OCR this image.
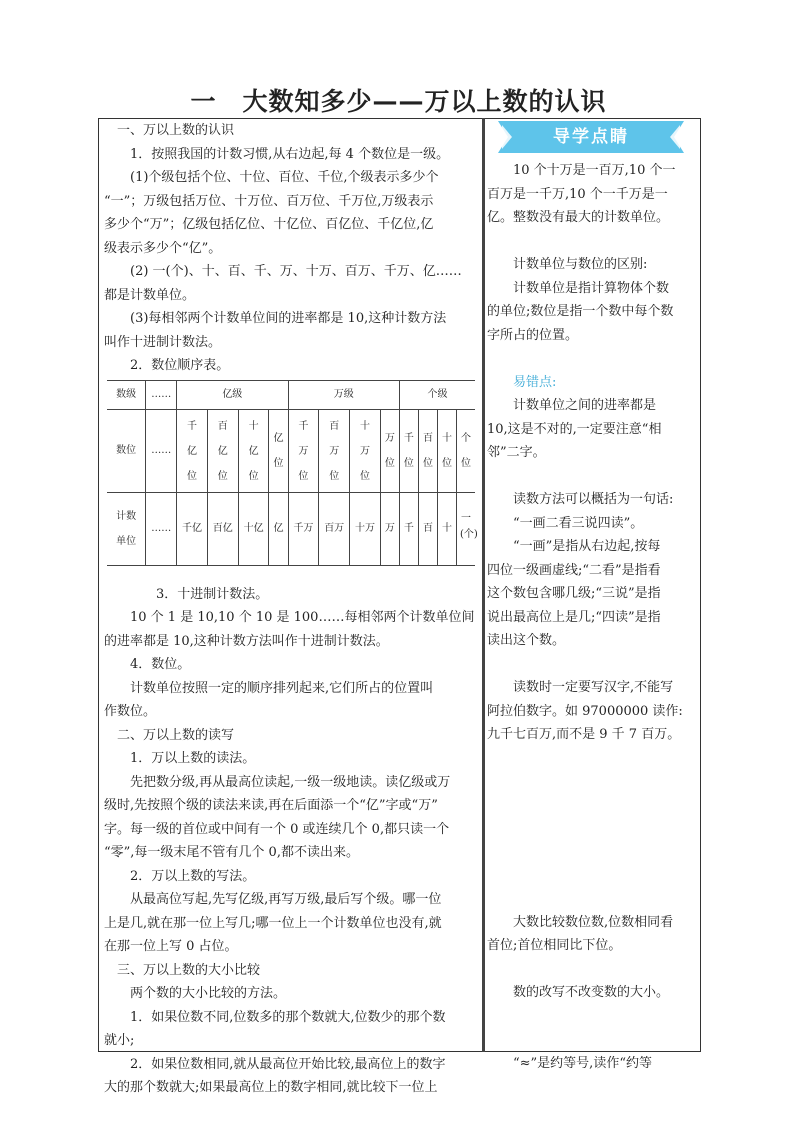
一　大数知多少——万以上数的认识

一、万以上数的认识

1．按照我国的计数习惯,从右边起,每 4 个数位是一级。

(1)个级包括个位、十位、百位、千位,个级表示多少个

“一”；万级包括万位、十万位、百万位、千万位,万级表示

多少个“万”；亿级包括亿位、十亿位、百亿位、千亿位,亿

级表示多少个“亿”。

(2) 一(个)、十、百、千、万、十万、百万、千万、亿……

都是计数单位。

(3)每相邻两个计数单位间的进率都是 10,这种计数方法

叫作十进制计数法。

2．数位顺序表。

3．十进制计数法。

10 个 1 是 10,10 个 10 是 100……每相邻两个计数单位间

的进率都是 10,这种计数方法叫作十进制计数法。

4．数位。

计数单位按照一定的顺序排列起来,它们所占的位置叫

作数位。

二、万以上数的读写

1．万以上数的读法。

先把数分级,再从最高位读起,一级一级地读。读亿级或万

级时,先按照个级的读法来读,再在后面添一个“亿”字或“万”

字。每一级的首位或中间有一个 0 或连续几个 0,都只读一个

“零”,每一级末尾不管有几个 0,都不读出来。

2．万以上数的写法。

从最高位写起,先写亿级,再写万级,最后写个级。哪一位

上是几,就在那一位上写几;哪一位上一个计数单位也没有,就

在那一位上写 0 占位。

三、万以上数的大小比较

两个数的大小比较的方法。

1．如果位数不同,位数多的那个数就大,位数少的那个数

就小;

2．如果位数相同,就从最高位开始比较,最高位上的数字

大的那个数就大;如果最高位上的数字相同,就比较下一位上

数级	……	亿级				万级				个级			
数位	……	千亿位	百亿位	十亿位	亿位	千万位	百万位	十万位	万位	千位	百位	十位	个位
计数单位	……	千亿	百亿	十亿	亿	千万	百万	十万	万	千	百	十	一(个)
导学点睛

10 个十万是一百万,10 个一

百万是一千万,10 个一千万是一

亿。整数没有最大的计数单位。

计数单位与数位的区别:

计数单位是指计算物体个数

的单位;数位是指一个数中每个数

字所占的位置。

易错点:

计数单位之间的进率都是

10,这是不对的,一定要注意“相

邻”二字。

读数方法可以概括为一句话:

“一画二看三说四读”。

“一画”是指从右边起,按每

四位一级画虚线;“二看”是指看

这个数包含哪几级;“三说”是指

说出最高位上是几;“四读”是指

读出这个数。

读数时一定要写汉字,不能写

阿拉伯数字。如 97000000 读作:

九千七百万,而不是 9 千 7 百万。

大数比较数位数,位数相同看

首位;首位相同比下位。

数的改写不改变数的大小。

“≈”是约等号,读作“约等
